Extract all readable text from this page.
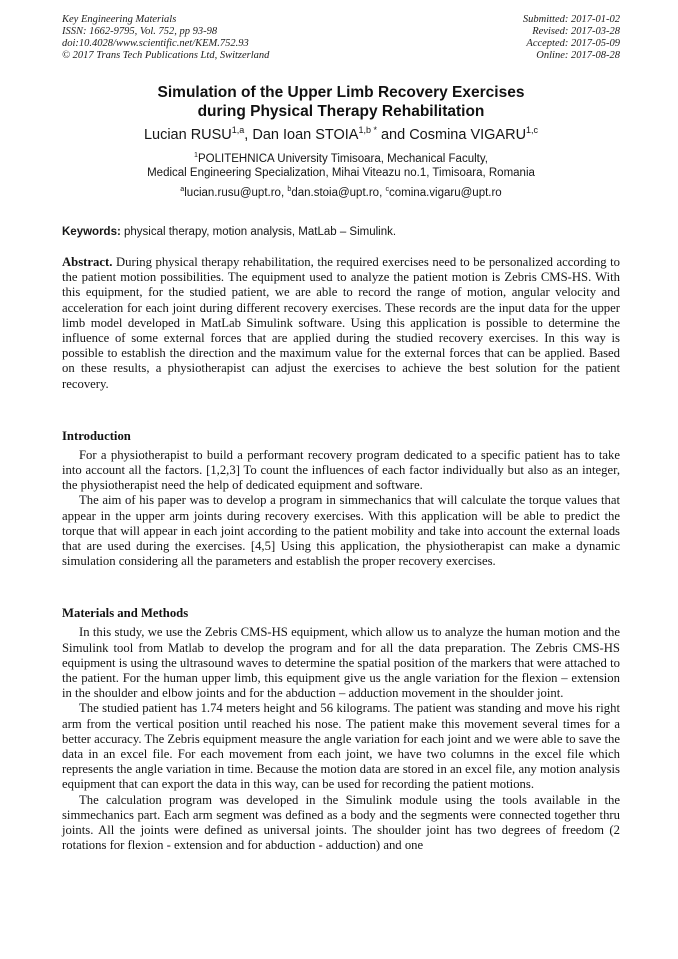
Key Engineering Materials
ISSN: 1662-9795, Vol. 752, pp 93-98
doi:10.4028/www.scientific.net/KEM.752.93
© 2017 Trans Tech Publications Ltd, Switzerland
Submitted: 2017-01-02
Revised: 2017-03-28
Accepted: 2017-05-09
Online: 2017-08-28
Simulation of the Upper Limb Recovery Exercises
during Physical Therapy Rehabilitation
Lucian RUSU$^{1,a}$, Dan Ioan $STOIA^{1,b *}$ and Cosmina VIGARU$^{1,c}$
$^1$POLITEHNICA University Timisoara, Mechanical Faculty,
Medical Engineering Specialization, Mihai Viteazu no.1, Timisoara, Romania
$^a$lucian.rusu@upt.ro, $^b$dan.stoia@upt.ro, $^c$comina.vigaru@upt.ro
Keywords: physical therapy, motion analysis, MatLab – Simulink.
Abstract. During physical therapy rehabilitation, the required exercises need to be personalized according to the patient motion possibilities. The equipment used to analyze the patient motion is Zebris CMS-HS. With this equipment, for the studied patient, we are able to record the range of motion, angular velocity and acceleration for each joint during different recovery exercises. These records are the input data for the upper limb model developed in MatLab Simulink software. Using this application is possible to determine the influence of some external forces that are applied during the studied recovery exercises. In this way is possible to establish the direction and the maximum value for the external forces that can be applied. Based on these results, a physiotherapist can adjust the exercises to achieve the best solution for the patient recovery.
Introduction

For a physiotherapist to build a performant recovery program dedicated to a specific patient has to take into account all the factors. [1,2,3] To count the influences of each factor individually but also as an integer, the physiotherapist need the help of dedicated equipment and software.

The aim of his paper was to develop a program in simmechanics that will calculate the torque values that appear in the upper arm joints during recovery exercises. With this application will be able to predict the torque that will appear in each joint according to the patient mobility and take into account the external loads that are used during the exercises. [4,5] Using this application, the physiotherapist can make a dynamic simulation considering all the parameters and establish the proper recovery exercises.

Materials and Methods

In this study, we use the Zebris CMS-HS equipment, which allow us to analyze the human motion and the Simulink tool from Matlab to develop the program and for all the data preparation. The Zebris CMS-HS equipment is using the ultrasound waves to determine the spatial position of the markers that were attached to the patient. For the human upper limb, this equipment give us the angle variation for the flexion – extension in the shoulder and elbow joints and for the abduction – adduction movement in the shoulder joint.

The studied patient has 1.74 meters height and 56 kilograms. The patient was standing and move his right arm from the vertical position until reached his nose. The patient make this movement several times for a better accuracy. The Zebris equipment measure the angle variation for each joint and we were able to save the data in an excel file. For each movement from each joint, we have two columns in the excel file which represents the angle variation in time. Because the motion data are stored in an excel file, any motion analysis equipment that can export the data in this way, can be used for recording the patient motions.

The calculation program was developed in the Simulink module using the tools available in the simmechanics part. Each arm segment was defined as a body and the segments were connected together thru joints. All the joints were defined as universal joints. The shoulder joint has two degrees of freedom (2 rotations for flexion - extension and for abduction - adduction) and one
